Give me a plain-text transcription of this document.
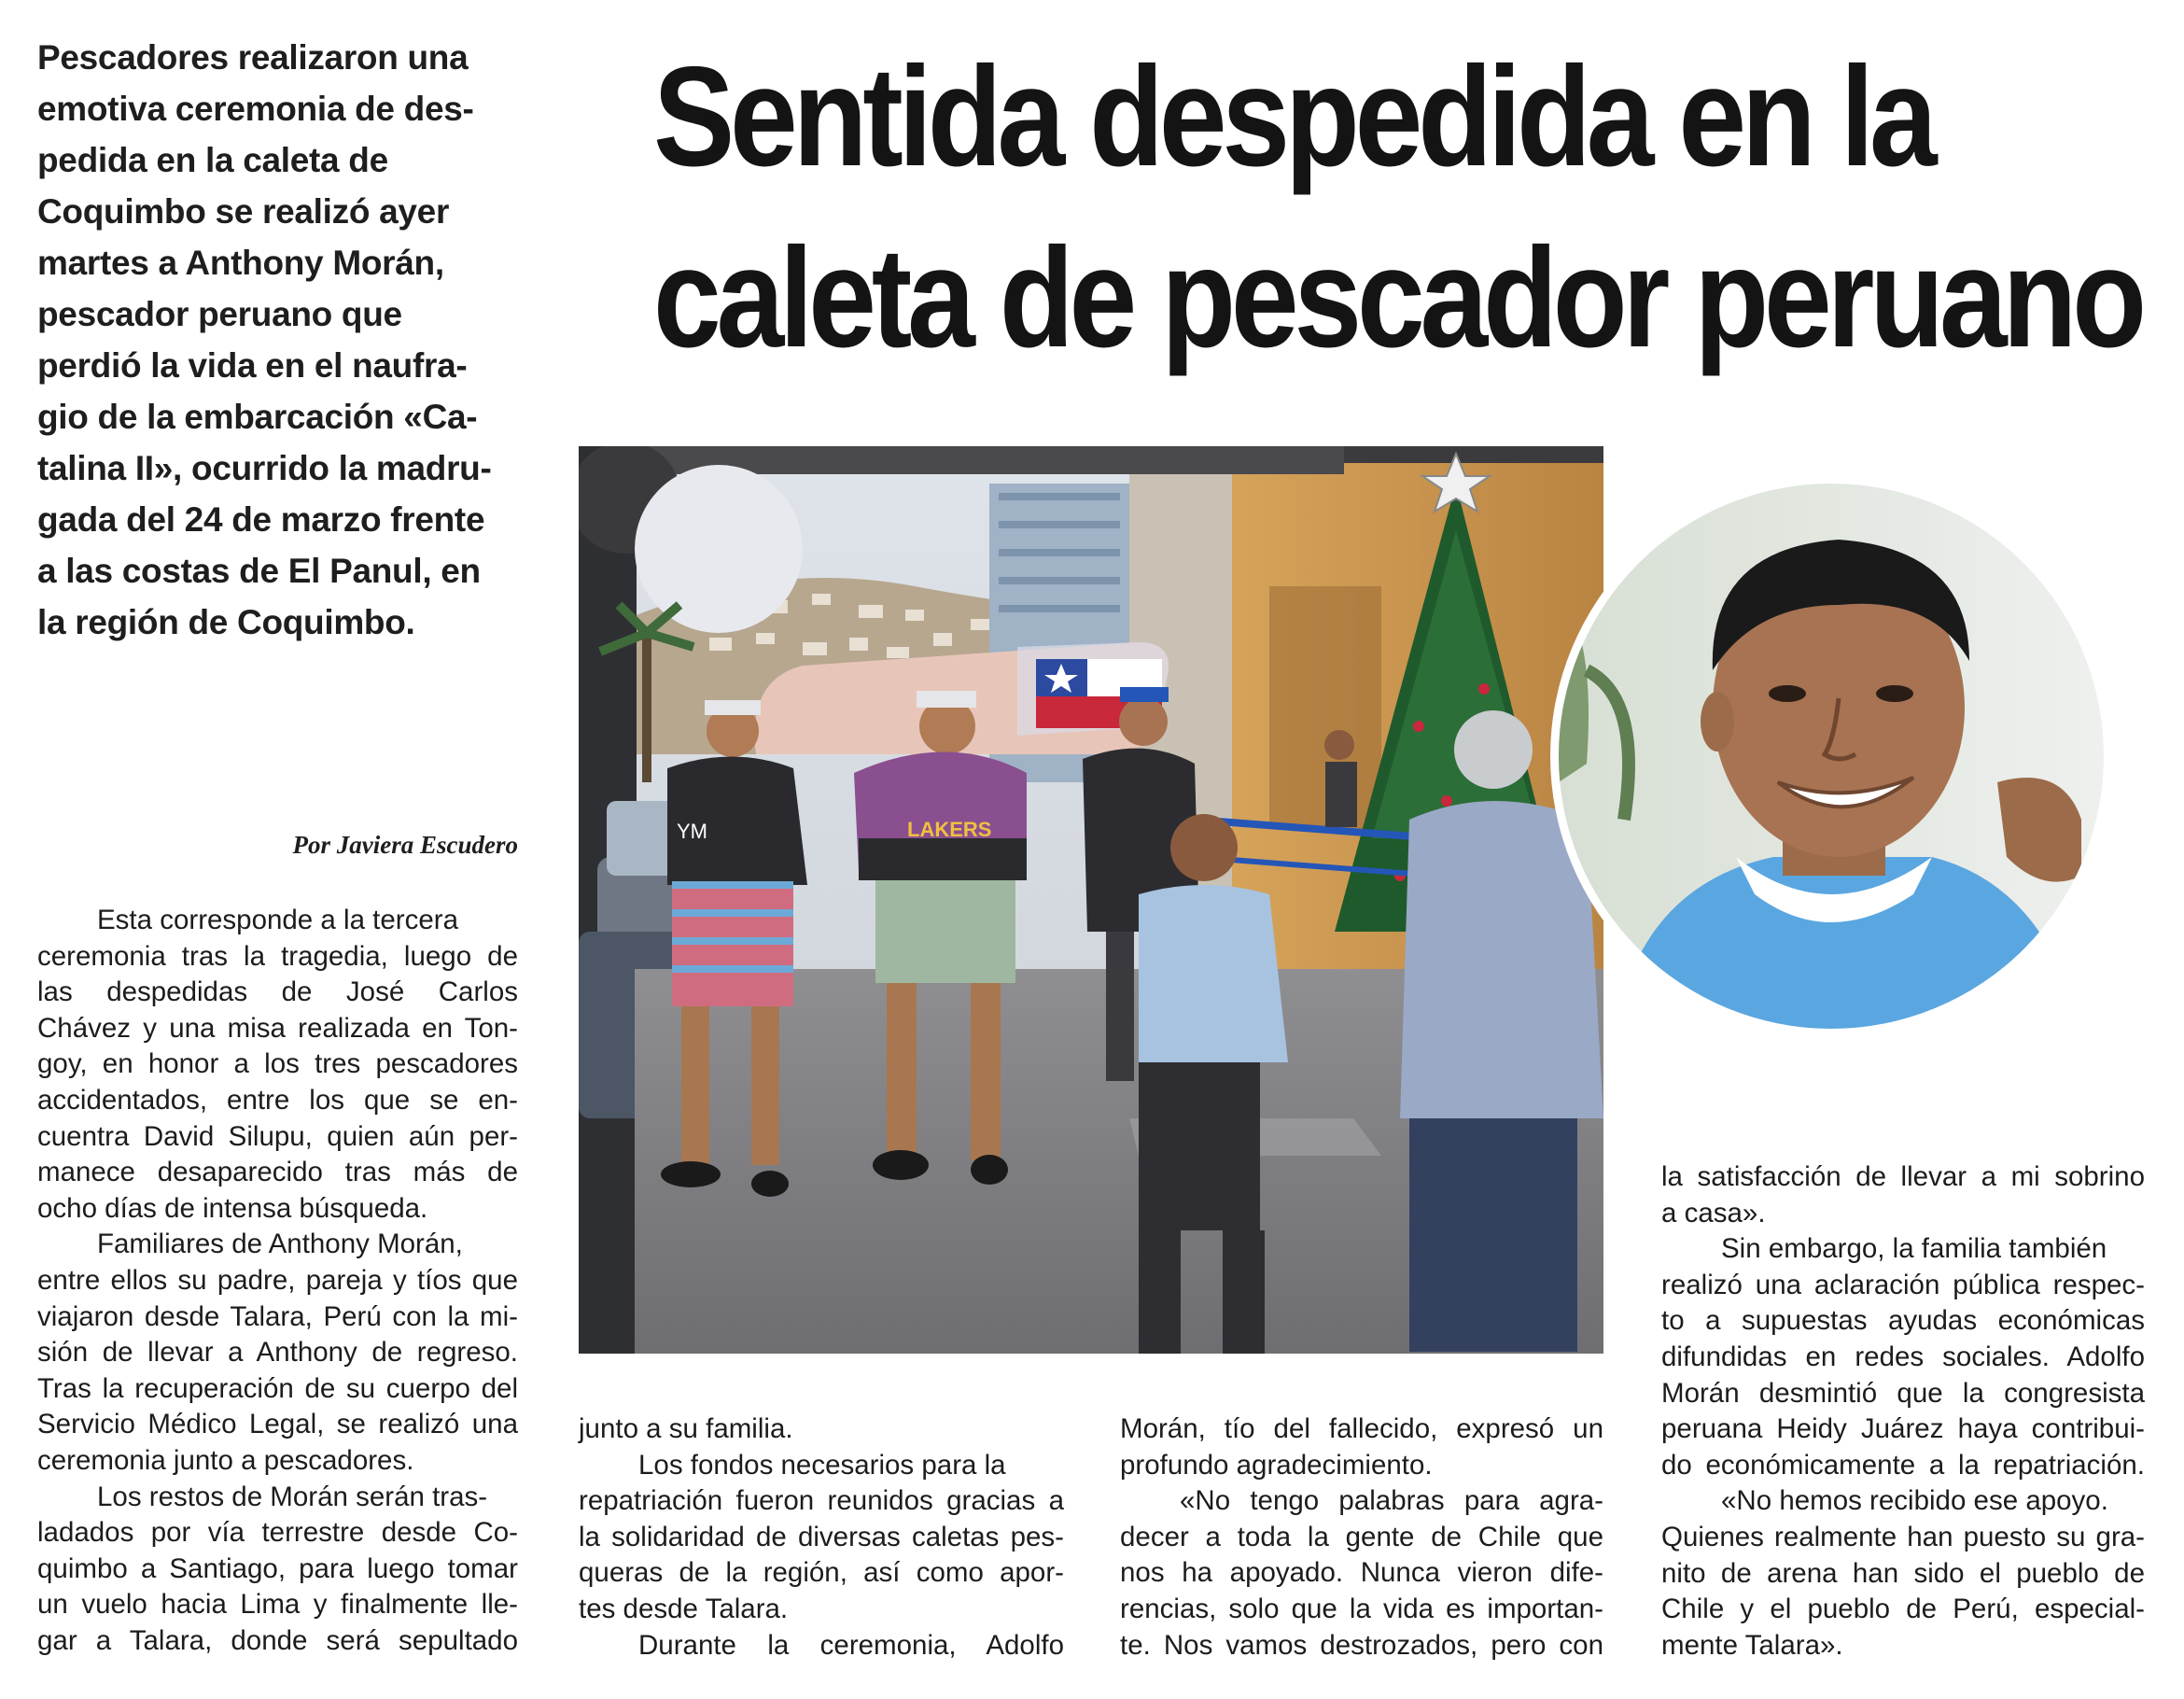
Pescadores realizaron una
emotiva ceremonia de des-
pedida en la caleta de
Coquimbo se realizó ayer
martes a Anthony Morán,
pescador peruano que
perdió la vida en el naufra-
gio de la embarcación «Ca-
talina II», ocurrido la madru-
gada del 24 de marzo frente
a las costas de El Panul, en
la región de Coquimbo.
Sentida despedida en la
caleta de pescador peruano
Por Javiera Escudero
Esta corresponde a la tercera
ceremonia tras la tragedia, luego de
las despedidas de José Carlos
Chávez y una misa realizada en Ton-
goy, en honor a los tres pescadores
accidentados, entre los que se en-
cuentra David Silupu, quien aún per-
manece desaparecido tras más de
ocho días de intensa búsqueda.
Familiares de Anthony Morán,
entre ellos su padre, pareja y tíos que
viajaron desde Talara, Perú con la mi-
sión de llevar a Anthony de regreso.
Tras la recuperación de su cuerpo del
Servicio Médico Legal, se realizó una
ceremonia junto a pescadores.
Los restos de Morán serán tras-
ladados por vía terrestre desde Co-
quimbo a Santiago, para luego tomar
un vuelo hacia Lima y finalmente lle-
gar a Talara, donde será sepultado
YM	LAKERS
junto a su familia.
Los fondos necesarios para la
repatriación fueron reunidos gracias a
la solidaridad de diversas caletas pes-
queras de la región, así como apor-
tes desde Talara.
Durante la ceremonia, Adolfo
Morán, tío del fallecido, expresó un
profundo agradecimiento.
«No tengo palabras para agra-
decer a toda la gente de Chile que
nos ha apoyado. Nunca vieron dife-
rencias, solo que la vida es importan-
te. Nos vamos destrozados, pero con
la satisfacción de llevar a mi sobrino
a casa».
Sin embargo, la familia también
realizó una aclaración pública respec-
to a supuestas ayudas económicas
difundidas en redes sociales. Adolfo
Morán desmintió que la congresista
peruana Heidy Juárez haya contribui-
do económicamente a la repatriación.
«No hemos recibido ese apoyo.
Quienes realmente han puesto su gra-
nito de arena han sido el pueblo de
Chile y el pueblo de Perú, especial-
mente Talara».
